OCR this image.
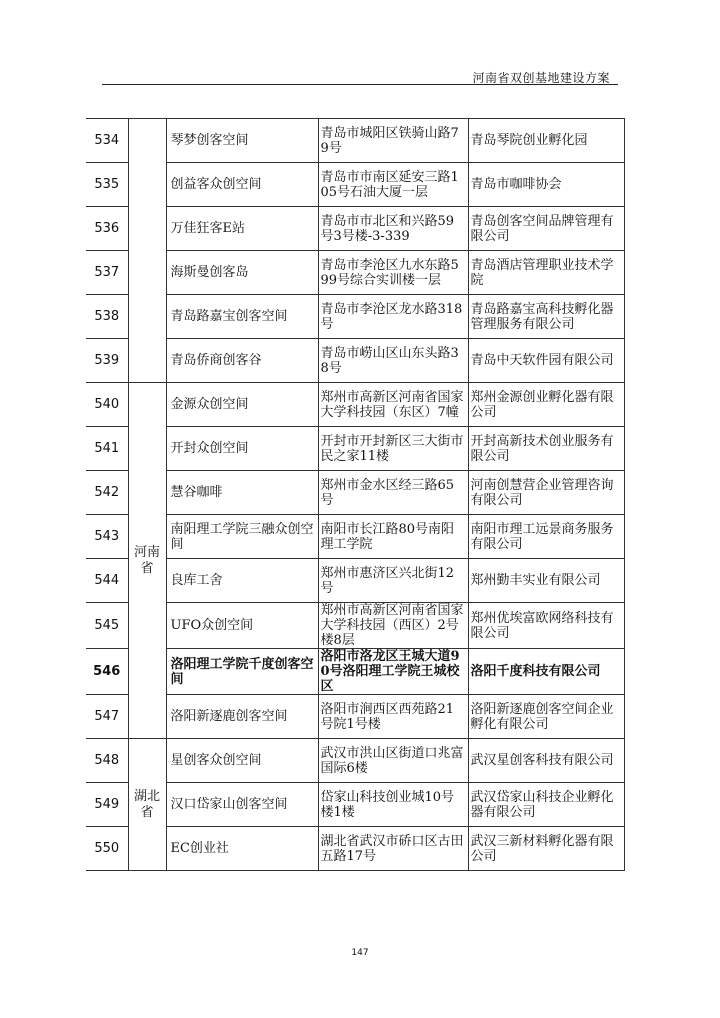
河南省双创基地建设方案
534		琴梦创客空间	青岛市城阳区铁骑山路79号	青岛琴院创业孵化园
535		创益客众创空间	青岛市市南区延安三路105号石油大厦一层	青岛市咖啡协会
536		万佳狂客E站	青岛市市北区和兴路59号3号楼-3-339	青岛创客空间品牌管理有限公司
537		海斯曼创客岛	青岛市李沧区九水东路599号综合实训楼一层	青岛酒店管理职业技术学院
538		青岛路嘉宝创客空间	青岛市李沧区龙水路318号	青岛路嘉宝高科技孵化器管理服务有限公司
539		青岛侨商创客谷	青岛市崂山区山东头路38号	青岛中天软件园有限公司
540	河南省	金源众创空间	郑州市高新区河南省国家大学科技园（东区）7幢	郑州金源创业孵化器有限公司
541		开封众创空间	开封市开封新区三大街市民之家11楼	开封高新技术创业服务有限公司
542		慧谷咖啡	郑州市金水区经三路65号	河南创慧营企业管理咨询有限公司
543		南阳理工学院三融众创空间	南阳市长江路80号南阳理工学院	南阳市理工远景商务服务有限公司
544		良库工舍	郑州市惠济区兴北街12号	郑州勤丰实业有限公司
545		UFO众创空间	郑州市高新区河南省国家大学科技园（西区）2号楼8层	郑州优埃富欧网络科技有限公司
546		洛阳理工学院千度创客空间	洛阳市洛龙区王城大道90号洛阳理工学院王城校区	洛阳千度科技有限公司
547		洛阳新逐鹿创客空间	洛阳市涧西区西苑路21号院1号楼	洛阳新逐鹿创客空间企业孵化有限公司
548	湖北省	星创客众创空间	武汉市洪山区街道口兆富国际6楼	武汉星创客科技有限公司
549		汉口岱家山创客空间	岱家山科技创业城10号楼1楼	武汉岱家山科技企业孵化器有限公司
550		EC创业社	湖北省武汉市硚口区古田五路17号	武汉三新材料孵化器有限公司
147
